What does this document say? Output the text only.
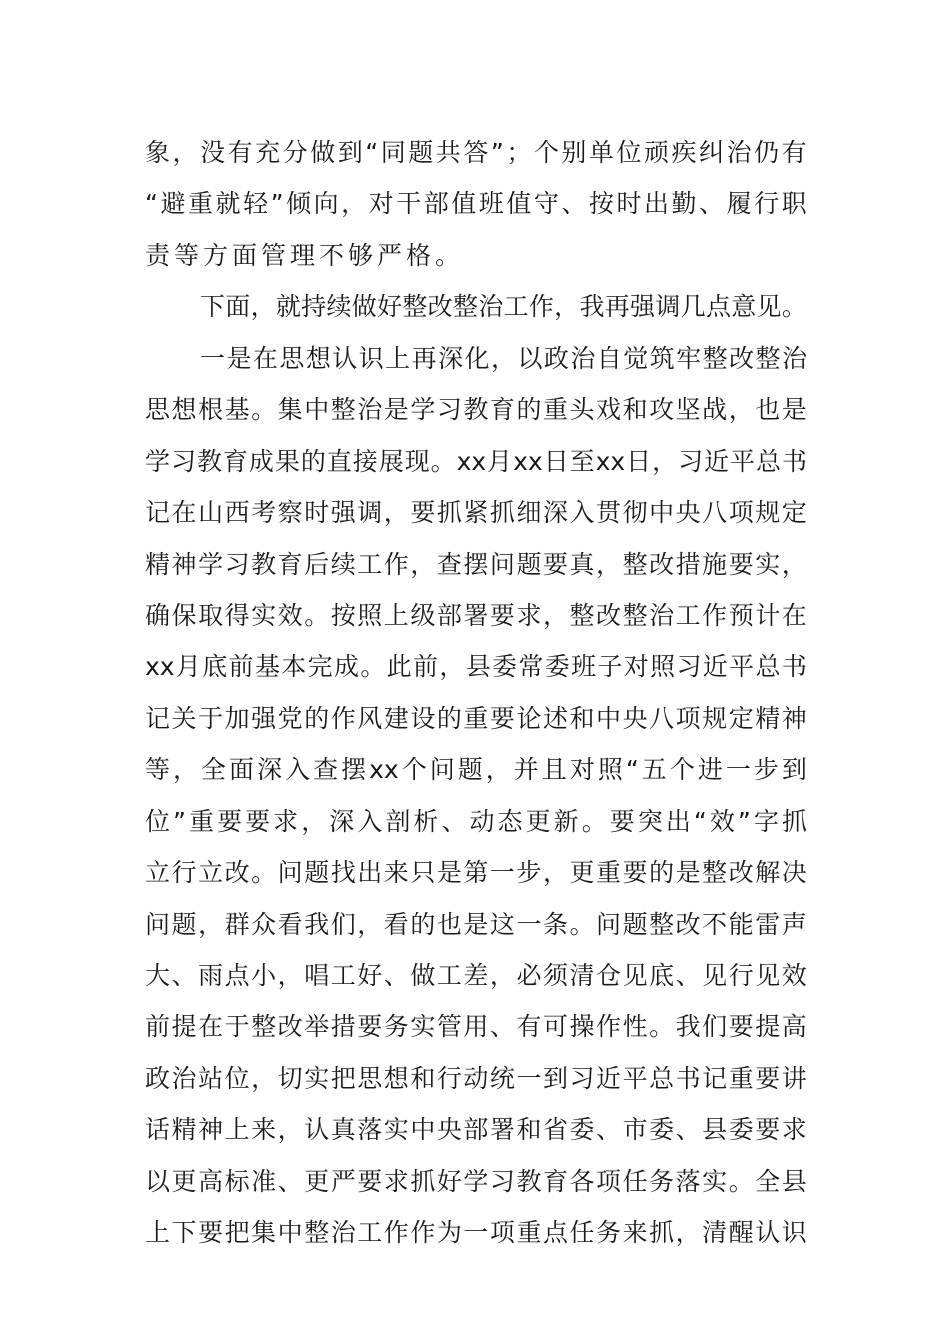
象 ， 没 有 充 分 做 到 “ 同 题 共 答 ” ； 个 别 单 位 顽 疾 纠 治 仍 有
“ 避 重 就 轻 ” 倾 向 ， 对 干 部 值 班 值 守 、 按 时 出 勤 、 履 行 职
责等方面管理不够严格。
下 面 ， 就 持 续 做 好 整 改 整 治 工 作 ， 我 再 强 调 几 点 意 见 。
一 是 在 思 想 认 识 上 再 深 化 ， 以 政 治 自 觉 筑 牢 整 改 整 治
思 想 根 基 。 集 中 整 治 是 学 习 教 育 的 重 头 戏 和 攻 坚 战 ， 也 是
学 习 教 育 成 果 的 直 接 展 现 。 xx 月 xx 日 至 xx 日 ， 习 近 平 总 书
记 在 山 西 考 察 时 强 调 ， 要 抓 紧 抓 细 深 入 贯 彻 中 央 八 项 规 定
精 神 学 习 教 育 后 续 工 作 ， 查 摆 问 题 要 真 ， 整 改 措 施 要 实 ，
确 保 取 得 实 效 。 按 照 上 级 部 署 要 求 ， 整 改 整 治 工 作 预 计 在
xx 月 底 前 基 本 完 成 。 此 前 ， 县 委 常 委 班 子 对 照 习 近 平 总 书
记 关 于 加 强 党 的 作 风 建 设 的 重 要 论 述 和 中 央 八 项 规 定 精 神
等 ， 全 面 深 入 查 摆 xx 个 问 题 ， 并 且 对 照 “ 五 个 进 一 步 到
位 ” 重 要 要 求 ， 深 入 剖 析 、 动 态 更 新 。 要 突 出 “ 效 ” 字 抓
立 行 立 改 。 问 题 找 出 来 只 是 第 一 步 ， 更 重 要 的 是 整 改 解 决
问 题 ， 群 众 看 我 们 ， 看 的 也 是 这 一 条 。 问 题 整 改 不 能 雷 声
大 、 雨 点 小 ， 唱 工 好 、 做 工 差 ， 必 须 清 仓 见 底 、 见 行 见 效
前 提 在 于 整 改 举 措 要 务 实 管 用 、 有 可 操 作 性 。 我 们 要 提 高
政 治 站 位 ， 切 实 把 思 想 和 行 动 统 一 到 习 近 平 总 书 记 重 要 讲
话 精 神 上 来 ， 认 真 落 实 中 央 部 署 和 省 委 、 市 委 、 县 委 要 求
以 更 高 标 准 、 更 严 要 求 抓 好 学 习 教 育 各 项 任 务 落 实 。 全 县
上 下 要 把 集 中 整 治 工 作 作 为 一 项 重 点 任 务 来 抓 ， 清 醒 认 识
